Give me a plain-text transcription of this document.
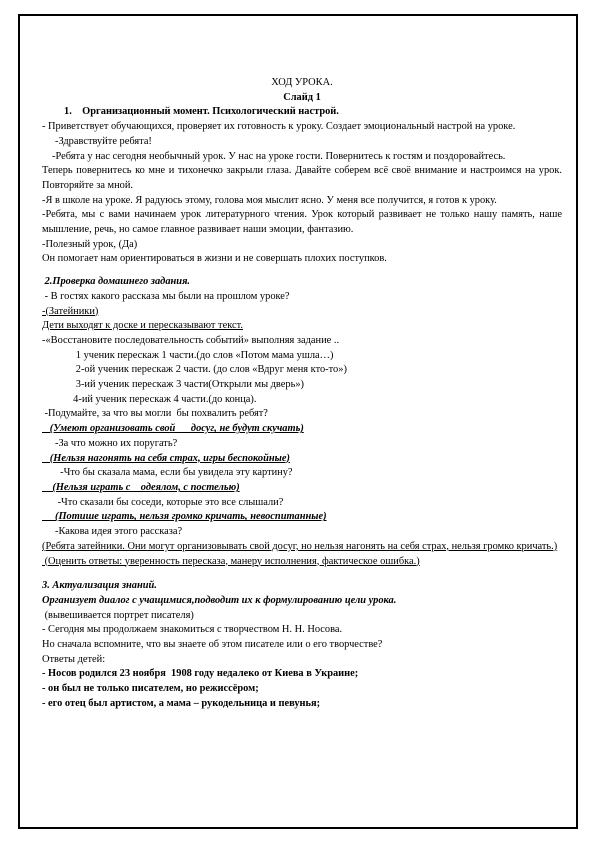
ХОД УРОКА.
Слайд 1
1.    Организационный момент. Психологический настрой.
- Приветствует обучающихся, проверяет их готовность к уроку. Создает эмоциональный настрой на уроке.
-Здравствуйте ребята!
-Ребята у нас сегодня необычный урок. У нас на уроке гости. Повернитесь к гостям и поздоровайтесь.
Теперь повернитесь ко мне и тихонечко закрыли глаза. Давайте соберем всё своё внимание и настроимся на урок. Повторяйте за мной.
-Я в школе на уроке. Я радуюсь этому, голова моя мыслит ясно. У меня все получится, я готов к уроку.
-Ребята, мы с вами начинаем урок литературного чтения. Урок который развивает не только нашу память, наше мышление, речь, но самое главное развивает наши эмоции, фантазию.
-Полезный урок, (Да)
Он помогает нам ориентироваться в жизни и не совершать плохих поступков.
2.Проверка домашнего задания.
- В гостях какого рассказа мы были на прошлом уроке?
-(Затейники)
Дети выходят к доске и пересказывают текст.
-«Восстановите последовательность событий» выполняя задание ..
1 ученик перескаж 1 части.(до слов «Потом мама ушла…)
2-ой ученик перескаж 2 части. (до слов «Вдруг меня кто-то»)
3-ий ученик перескаж 3 части(Открыли мы дверь»)
4-ий ученик перескаж 4 части.(до конца).
-Подумайте, за что вы могли  бы похвалить ребят?
(Умеют организовать свой      досуг, не будут скучать)
-За что можно их поругать?
(Нельзя нагонять на себя страх, игры беспокойные)
-Что бы сказала мама, если бы увидела эту картину?
(Нельзя играть с    одеялом, с постелью)
-Что сказали бы соседи, которые это все слышали?
(Потише играть, нельзя громко кричать, невоспитанные)
-Какова идея этого рассказа?
(Ребята затейники. Они могут организовывать свой досуг, но нельзя нагонять на себя страх, нельзя громко кричать.)
(Оценить ответы: уверенность пересказа, манеру исполнения, фактическое ошибка.)
3. Актуализация знаний.
Организует диалог с учащимися,подводит их к формулированию цели урока.
(вывешивается портрет писателя)
- Сегодня мы продолжаем знакомиться с творчеством Н. Н. Носова.
Но сначала вспомните, что вы знаете об этом писателе или о его творчестве?
Ответы детей:
- Носов родился 23 ноября  1908 году недалеко от Киева в Украине;
- он был не только писателем, но режиссёром;
- его отец был артистом, а мама – рукодельница и певунья;
